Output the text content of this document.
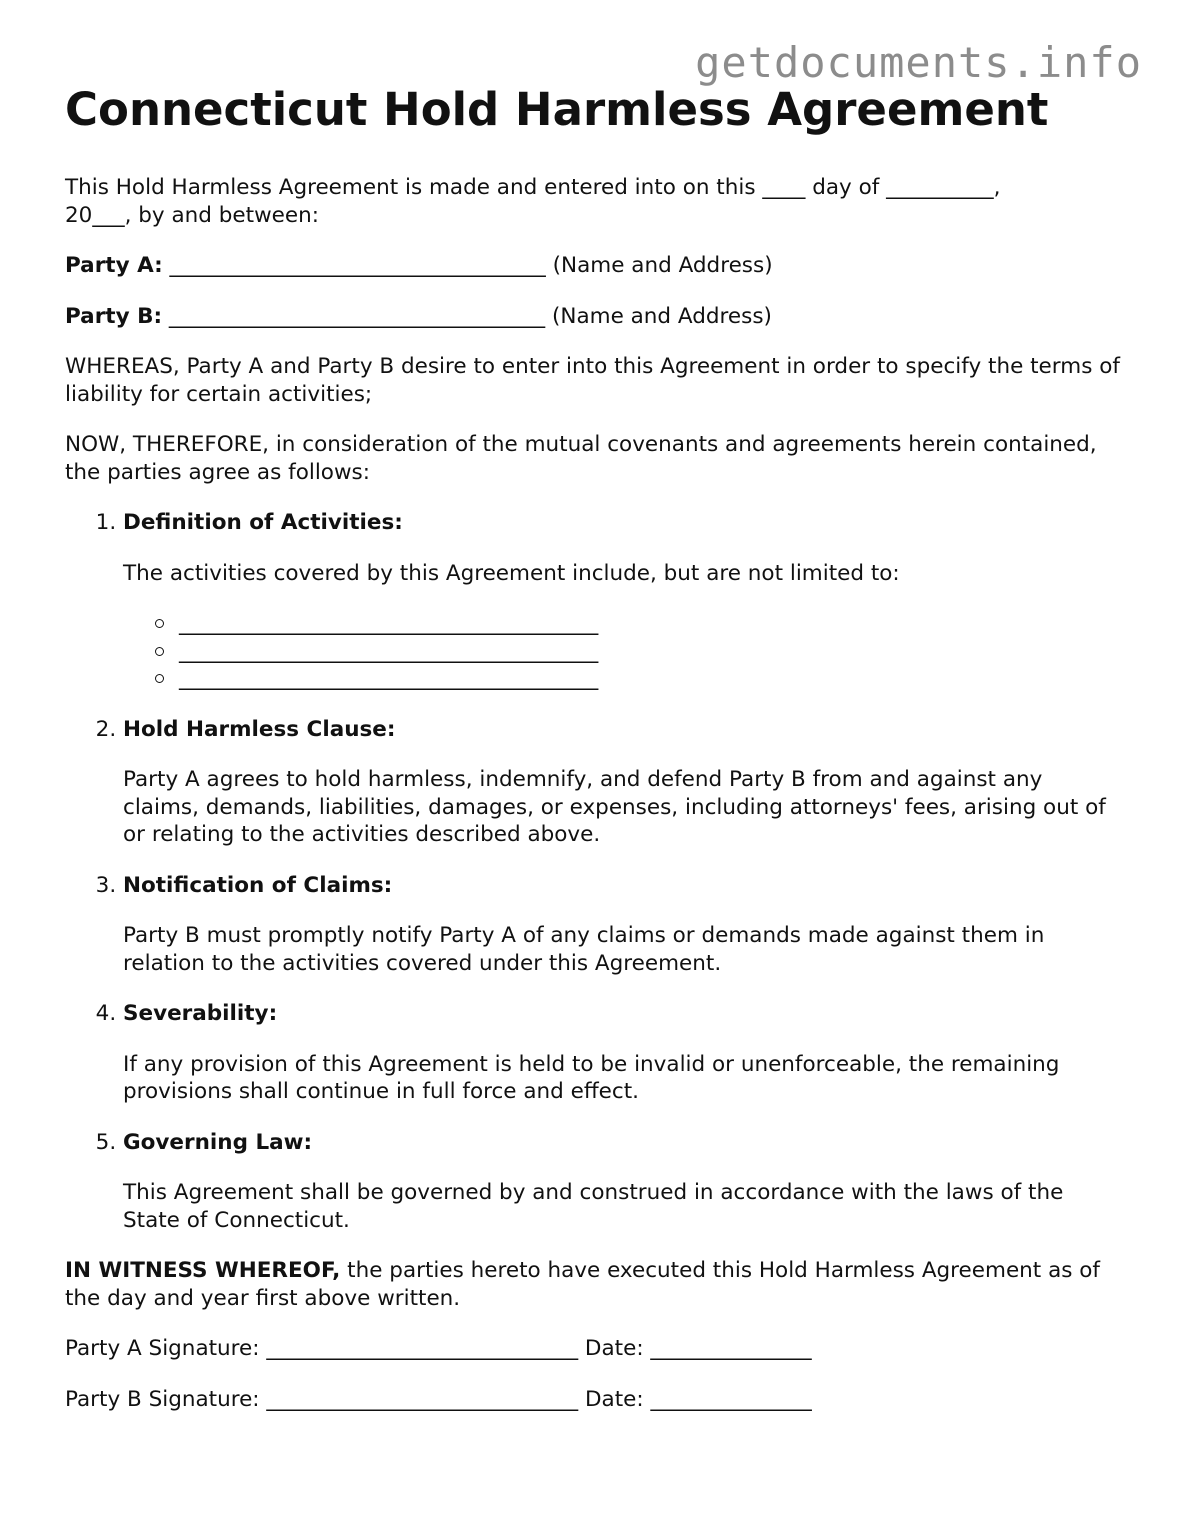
getdocuments.info
Connecticut Hold Harmless Agreement

This Hold Harmless Agreement is made and entered into on this ____ day of __________,
20___, by and between:

Party A: ___________________________________ (Name and Address)

Party B: ___________________________________ (Name and Address)

WHEREAS, Party A and Party B desire to enter into this Agreement in order to specify the terms of liability for certain activities;

NOW, THEREFORE, in consideration of the mutual covenants and agreements herein contained, the parties agree as follows:

1. Definition of Activities:

The activities covered by this Agreement include, but are not limited to:

_______________________________________
_______________________________________
_______________________________________
2. Hold Harmless Clause:

Party A agrees to hold harmless, indemnify, and defend Party B from and against any claims, demands, liabilities, damages, or expenses, including attorneys' fees, arising out of or relating to the activities described above.

3. Notification of Claims:

Party B must promptly notify Party A of any claims or demands made against them in relation to the activities covered under this Agreement.

4. Severability:

If any provision of this Agreement is held to be invalid or unenforceable, the remaining provisions shall continue in full force and effect.

5. Governing Law:

This Agreement shall be governed by and construed in accordance with the laws of the State of Connecticut.

IN WITNESS WHEREOF, the parties hereto have executed this Hold Harmless Agreement as of the day and year first above written.

Party A Signature: _____________________________ Date: _______________

Party B Signature: _____________________________ Date: _______________
